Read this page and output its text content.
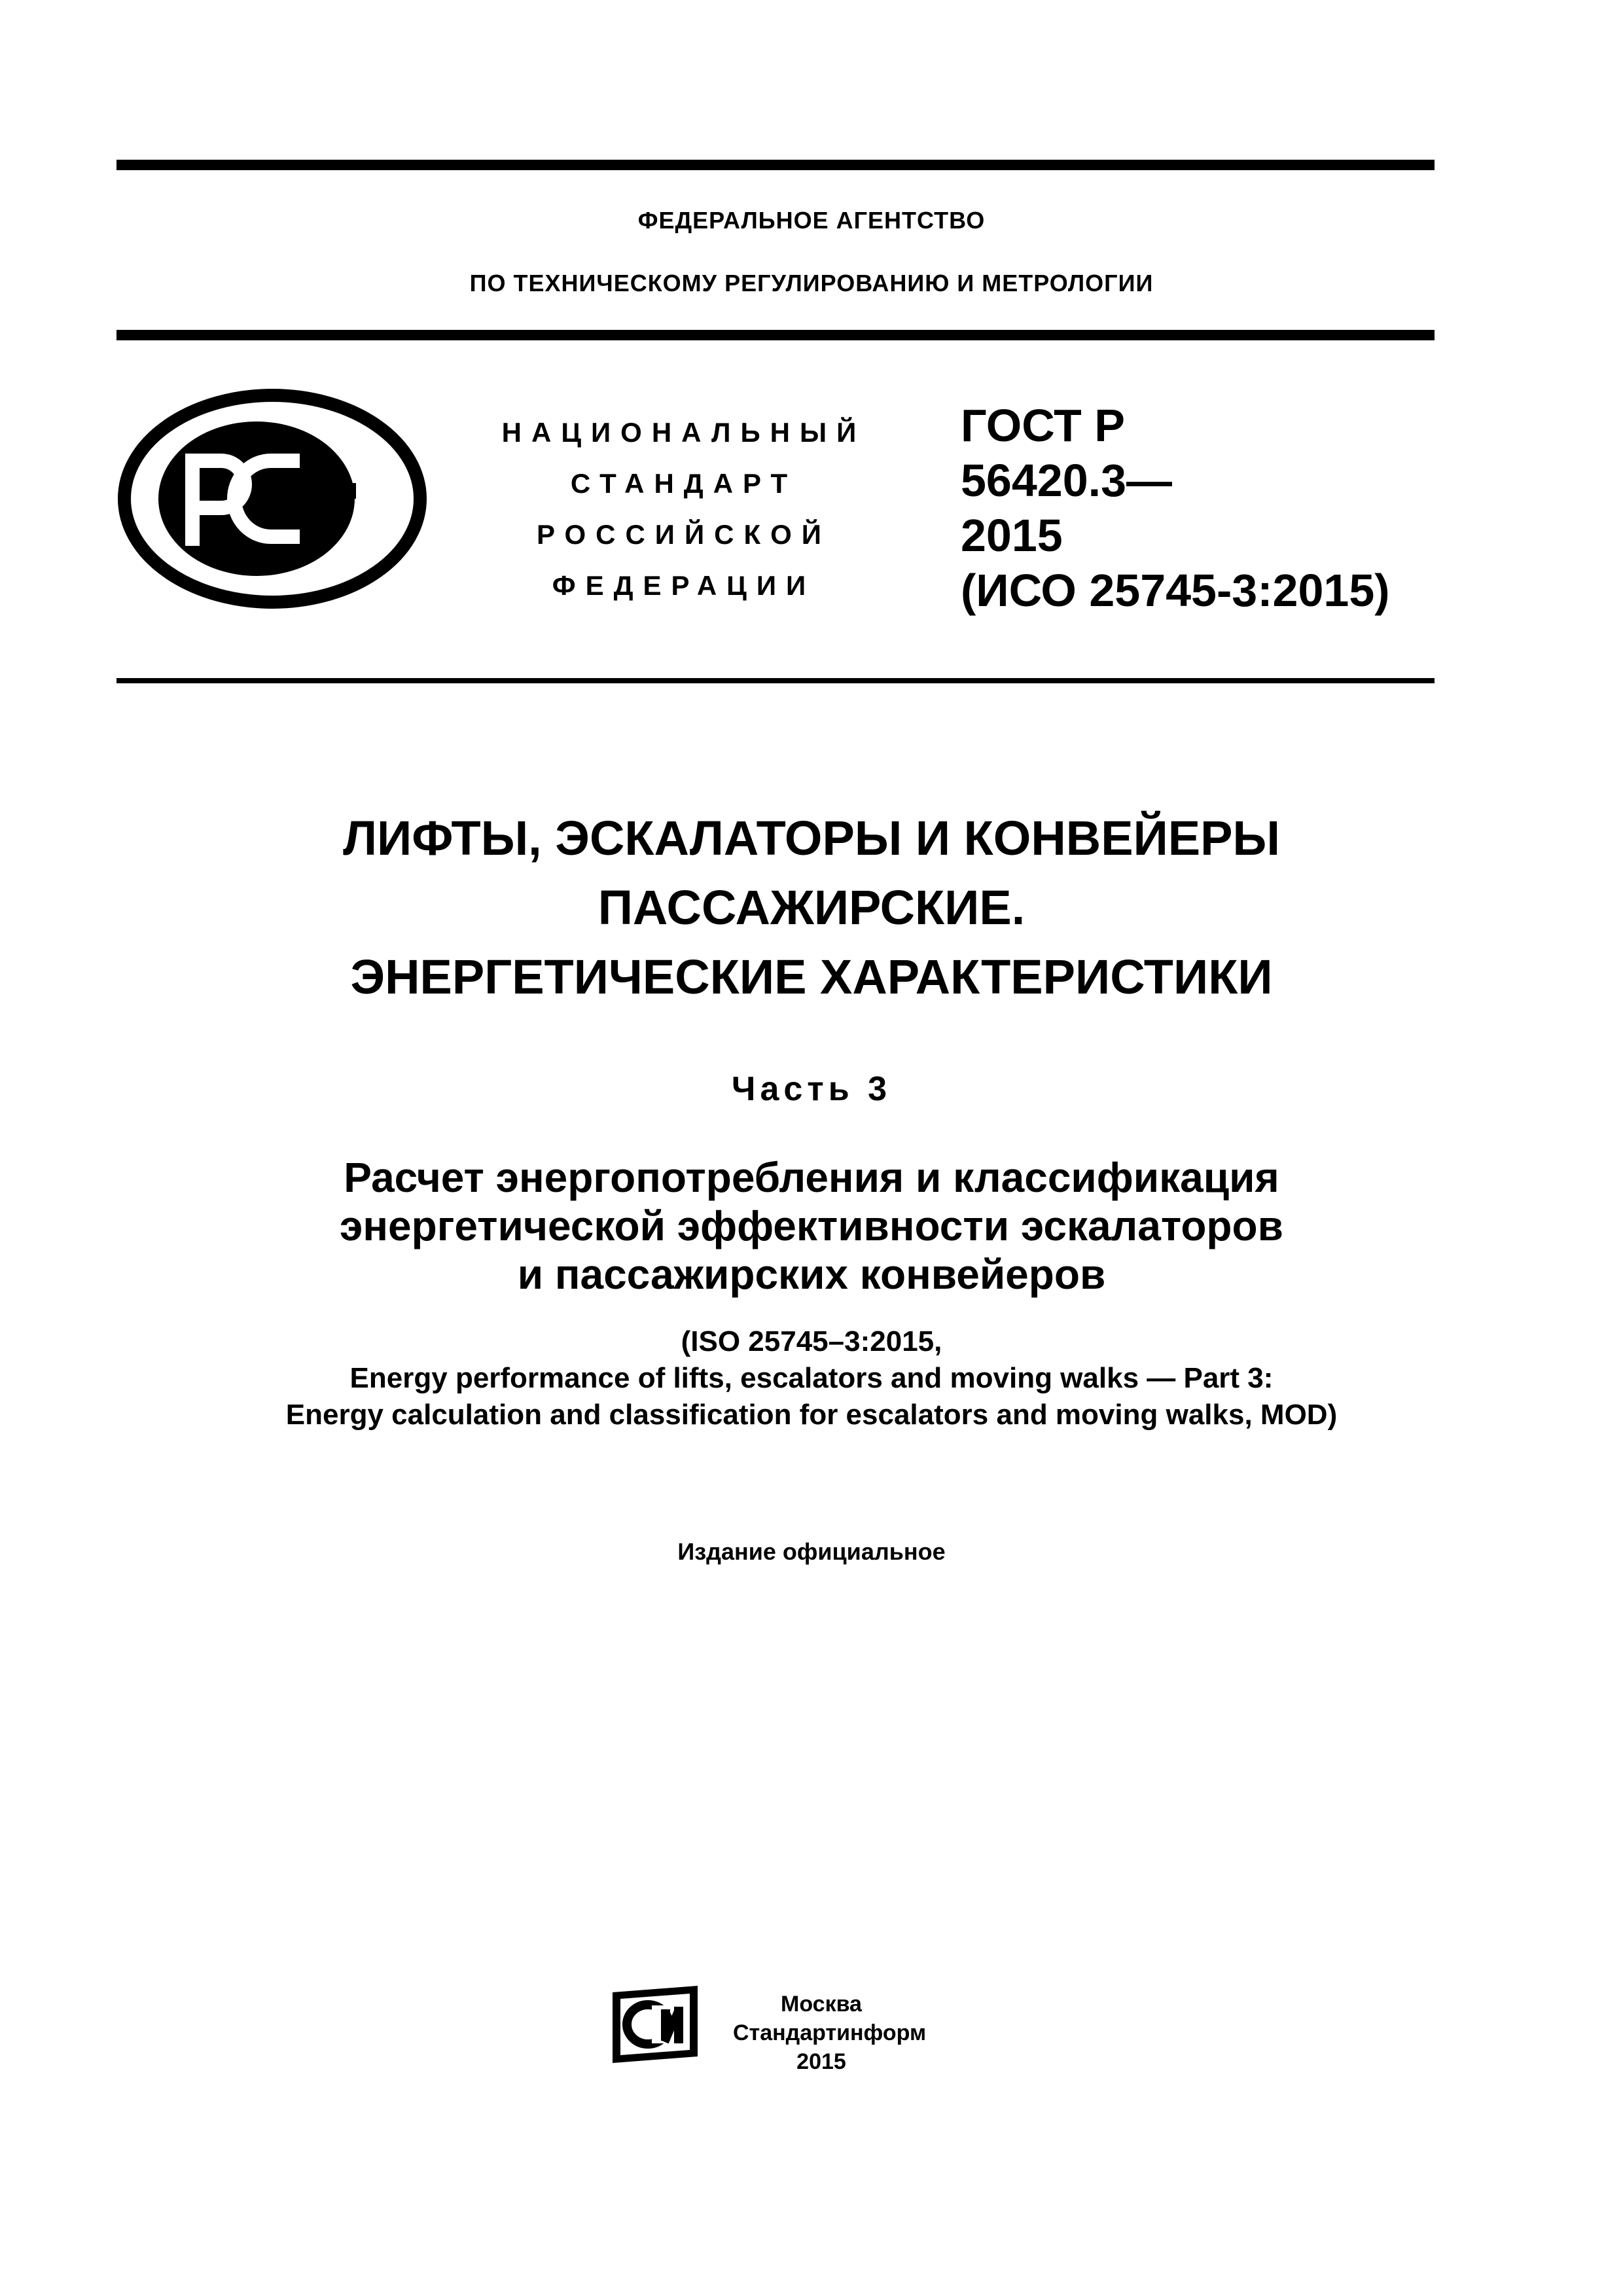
ФЕДЕРАЛЬНОЕ АГЕНТСТВО
ПО ТЕХНИЧЕСКОМУ РЕГУЛИРОВАНИЮ И МЕТРОЛОГИИ
НАЦИОНАЛЬНЫЙ
СТАНДАРТ
РОССИЙСКОЙ
ФЕДЕРАЦИИ
ГОСТ Р
56420.3—
2015
(ИСО 25745-3:2015)
ЛИФТЫ, ЭСКАЛАТОРЫ И КОНВЕЙЕРЫ
ПАССАЖИРСКИЕ.
ЭНЕРГЕТИЧЕСКИЕ ХАРАКТЕРИСТИКИ
Часть 3
Расчет энергопотребления и классификация
энергетической эффективности эскалаторов
и пассажирских конвейеров
(ISO 25745–3:2015,
Energy performance of lifts, escalators and moving walks — Part 3:
Energy calculation and classification for escalators and moving walks, MOD)
Издание официальное
Москва
Стандартинформ
2015
